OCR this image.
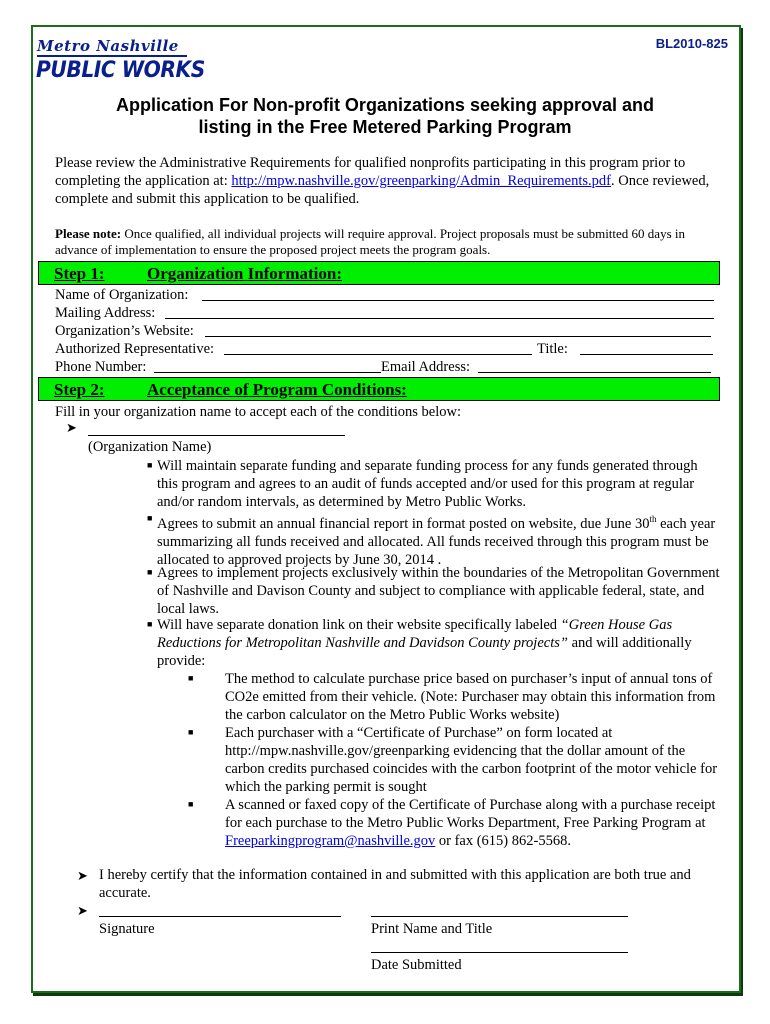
Metro Nashville
PUBLIC WORKS
BL2010-825
Application For Non-profit Organizations seeking approval and
listing in the Free Metered Parking Program
Please review the Administrative Requirements for qualified nonprofits participating in this program prior to completing the application at: http://mpw.nashville.gov/greenparking/Admin_Requirements.pdf. Once reviewed, complete and submit this application to be qualified.
Please note: Once qualified, all individual projects will require approval. Project proposals must be submitted 60 days in advance of implementation to ensure the proposed project meets the program goals.
Step 1: Organization Information:
Name of Organization:
Mailing Address:
Organization’s Website:
Authorized Representative:	Title:
Phone Number:	Email Address:
Step 2: Acceptance of Program Conditions:
Fill in your organization name to accept each of the conditions below:
➤
(Organization Name)
■ Will maintain separate funding and separate funding process for any funds generated through this program and agrees to an audit of funds accepted and/or used for this program at regular and/or random intervals, as determined by Metro Public Works.
■ Agrees to submit an annual financial report in format posted on website, due June 30th each year summarizing all funds received and allocated. All funds received through this program must be allocated to approved projects by June 30, 2014 .
■ Agrees to implement projects exclusively within the boundaries of the Metropolitan Government of Nashville and Davison County and subject to compliance with applicable federal, state, and local laws.
■ Will have separate donation link on their website specifically labeled “Green House Gas Reductions for Metropolitan Nashville and Davidson County projects” and will additionally provide:
■ The method to calculate purchase price based on purchaser’s input of annual tons of CO2e emitted from their vehicle. (Note: Purchaser may obtain this information from the carbon calculator on the Metro Public Works website)
■ Each purchaser with a “Certificate of Purchase” on form located at http://mpw.nashville.gov/greenparking evidencing that the dollar amount of the carbon credits purchased coincides with the carbon footprint of the motor vehicle for which the parking permit is sought
■ A scanned or faxed copy of the Certificate of Purchase along with a purchase receipt for each purchase to the Metro Public Works Department, Free Parking Program at Freeparkingprogram@nashville.gov or fax (615) 862-5568.
➤ I hereby certify that the information contained in and submitted with this application are both true and accurate.
➤
Signature	Print Name and Title
Date Submitted
